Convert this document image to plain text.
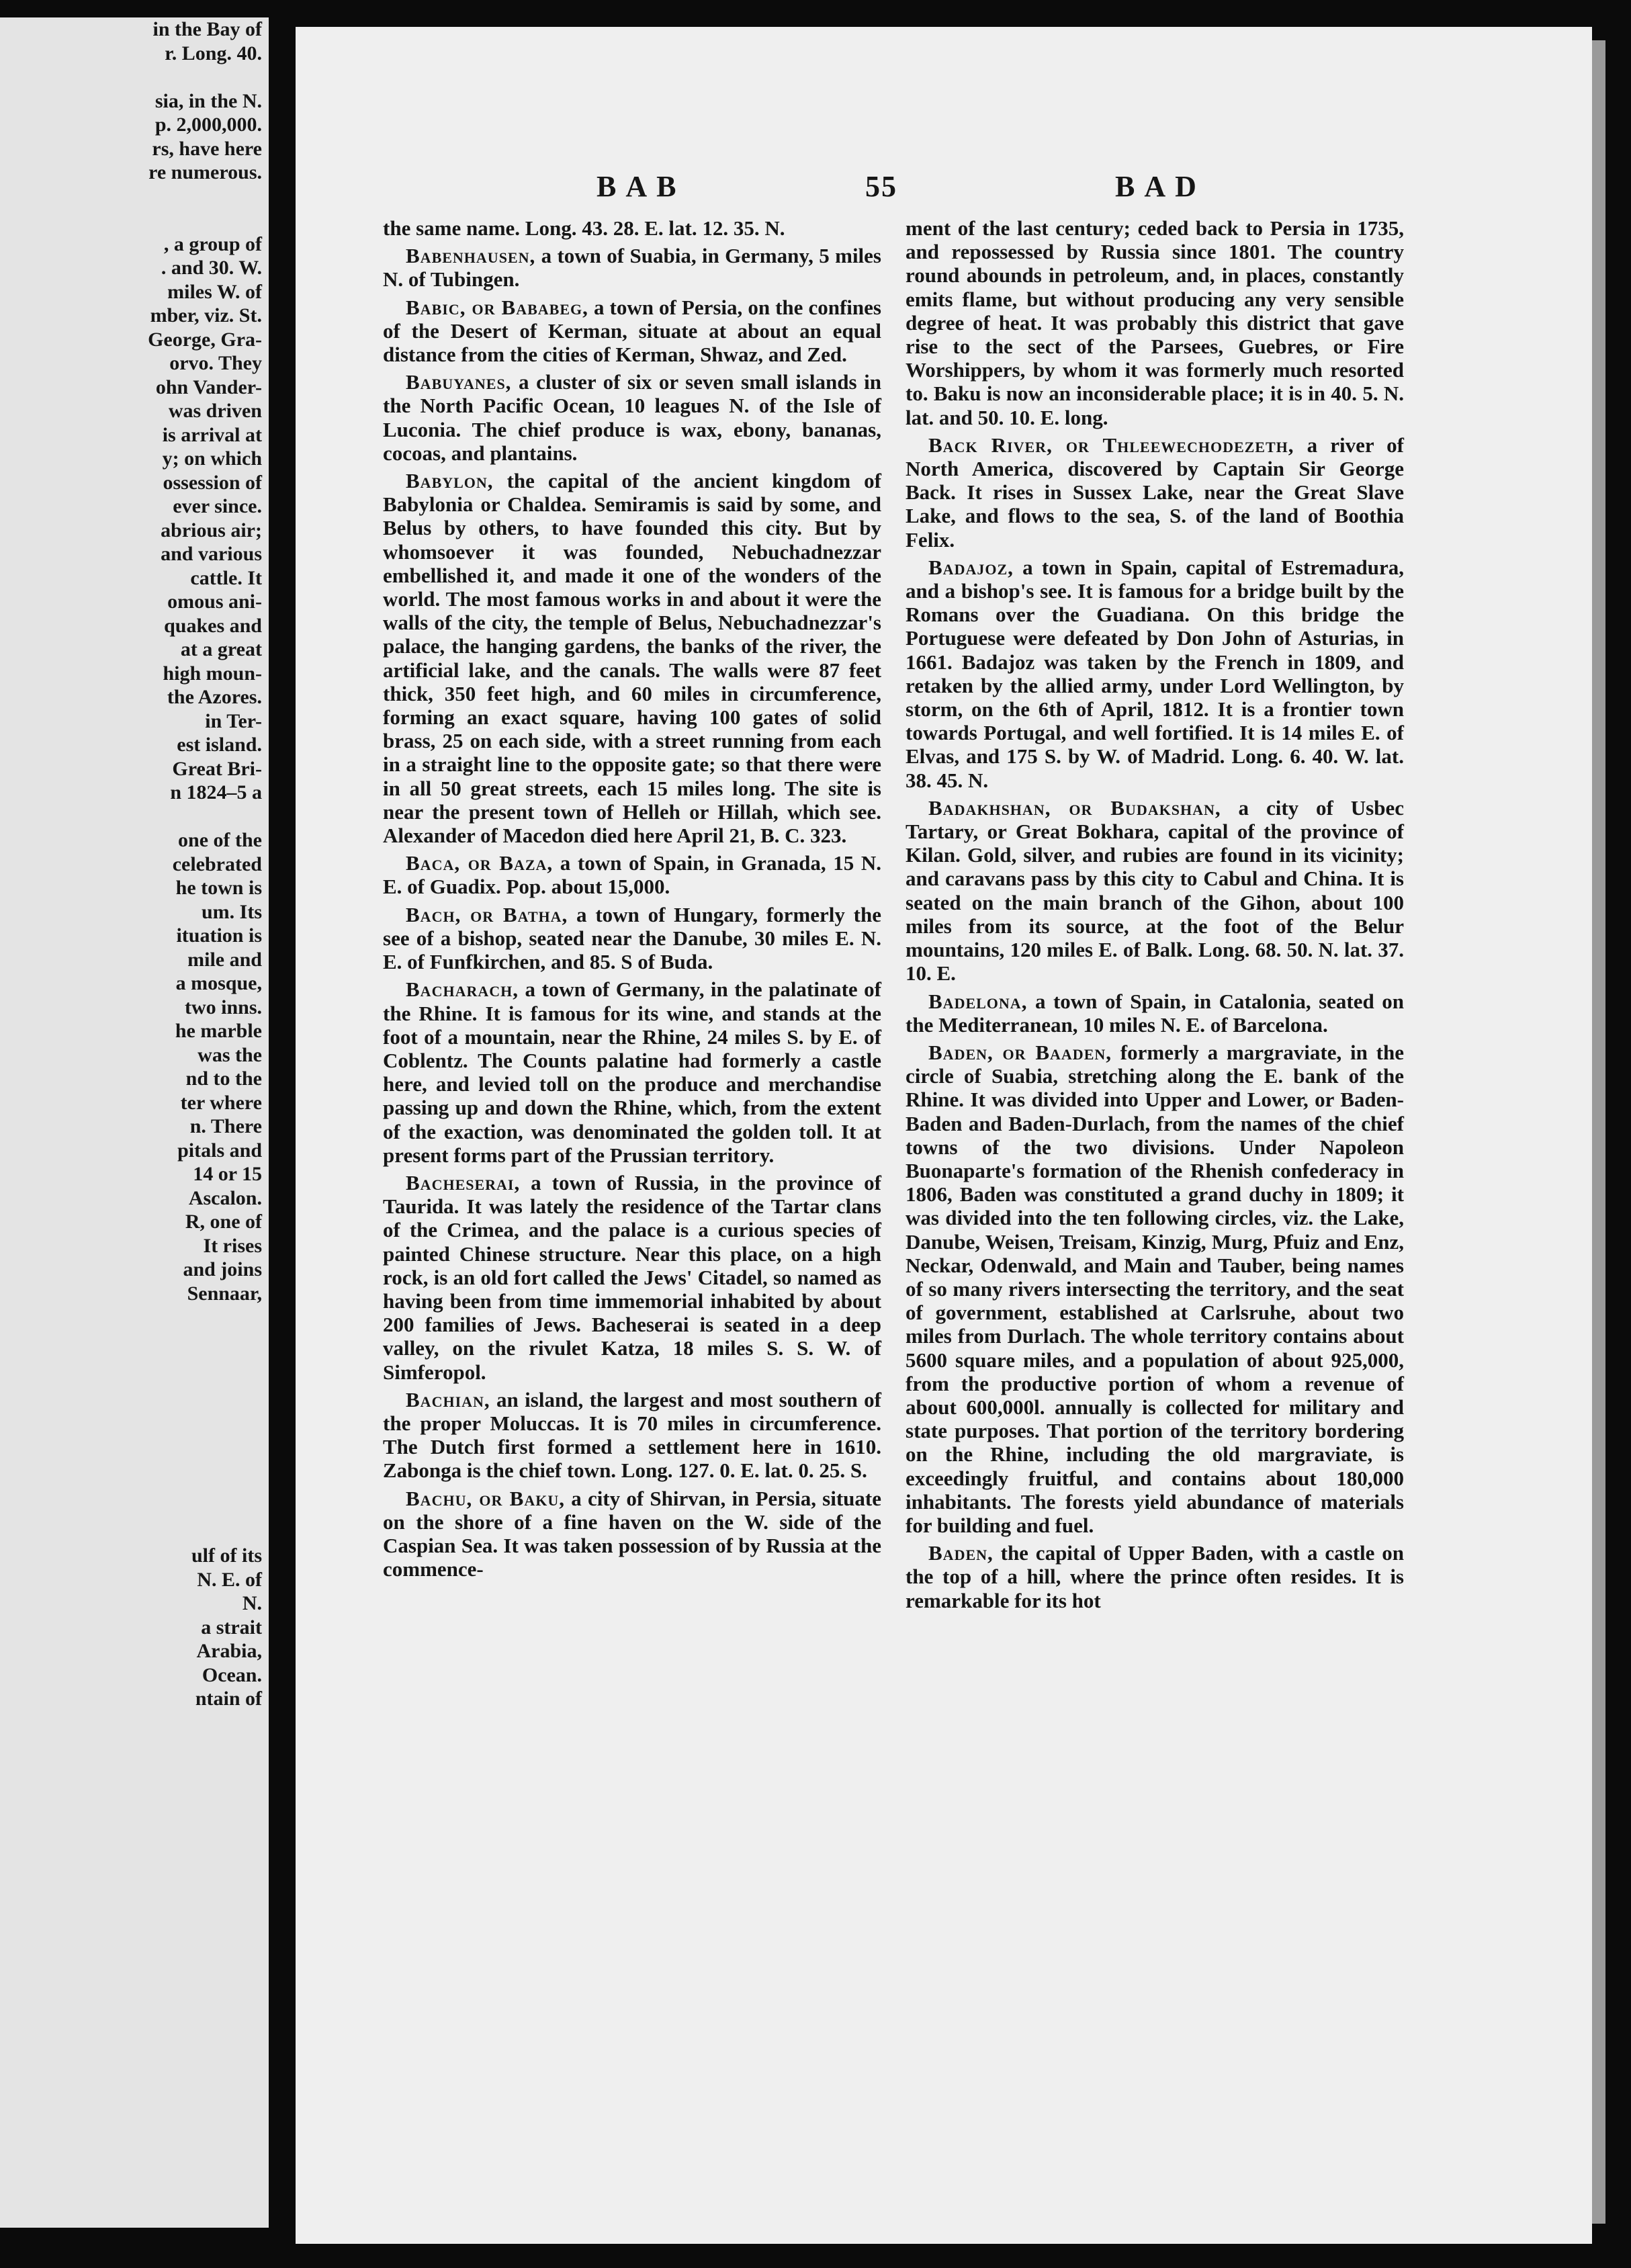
in the Bay of
r. Long. 40.
sia, in the N.
p. 2,000,000.
rs, have here
re numerous.
, a group of
. and 30. W.
miles W. of
mber, viz. St.
George, Gra-
orvo. They
ohn Vander-
was driven
is arrival at
y; on which
ossession of
ever since.
abrious air;
and various
cattle. It
omous ani-
quakes and
at a great
high moun-
the Azores.
in Ter-
est island.
Great Bri-
n 1824–5 a
one of the
celebrated
he town is
um. Its
ituation is
mile and
a mosque,
two inns.
he marble
was the
nd to the
ter where
n. There
pitals and
14 or 15
Ascalon.
R, one of
It rises
and joins
Sennaar,
ulf of its
N. E. of
N.
a strait
Arabia,
Ocean.
ntain of
BAB	55	BAD

the same name. Long. 43. 28. E. lat. 12. 35. N.

Babenhausen, a town of Suabia, in Germany, 5 miles N. of Tubingen.

Babic, or Bababeg, a town of Persia, on the confines of the Desert of Kerman, situate at about an equal distance from the cities of Kerman, Shwaz, and Zed.

Babuyanes, a cluster of six or seven small islands in the North Pacific Ocean, 10 leagues N. of the Isle of Luconia. The chief produce is wax, ebony, bananas, cocoas, and plantains.

Babylon, the capital of the ancient kingdom of Babylonia or Chaldea. Semiramis is said by some, and Belus by others, to have founded this city. But by whomsoever it was founded, Nebuchadnezzar embellished it, and made it one of the wonders of the world. The most famous works in and about it were the walls of the city, the temple of Belus, Nebuchadnezzar's palace, the hanging gardens, the banks of the river, the artificial lake, and the canals. The walls were 87 feet thick, 350 feet high, and 60 miles in circumference, forming an exact square, having 100 gates of solid brass, 25 on each side, with a street running from each in a straight line to the opposite gate; so that there were in all 50 great streets, each 15 miles long. The site is near the present town of Helleh or Hillah, which see. Alexander of Macedon died here April 21, B. C. 323.

Baca, or Baza, a town of Spain, in Granada, 15 N. E. of Guadix. Pop. about 15,000.

Bach, or Batha, a town of Hungary, formerly the see of a bishop, seated near the Danube, 30 miles E. N. E. of Funfkirchen, and 85. S of Buda.

Bacharach, a town of Germany, in the palatinate of the Rhine. It is famous for its wine, and stands at the foot of a mountain, near the Rhine, 24 miles S. by E. of Coblentz. The Counts palatine had formerly a castle here, and levied toll on the produce and merchandise passing up and down the Rhine, which, from the extent of the exaction, was denominated the golden toll. It at present forms part of the Prussian territory.

Bacheserai, a town of Russia, in the province of Taurida. It was lately the residence of the Tartar clans of the Crimea, and the palace is a curious species of painted Chinese structure. Near this place, on a high rock, is an old fort called the Jews' Citadel, so named as having been from time immemorial inhabited by about 200 families of Jews. Bacheserai is seated in a deep valley, on the rivulet Katza, 18 miles S. S. W. of Simferopol.

Bachian, an island, the largest and most southern of the proper Moluccas. It is 70 miles in circumference. The Dutch first formed a settlement here in 1610. Zabonga is the chief town. Long. 127. 0. E. lat. 0. 25. S.

Bachu, or Baku, a city of Shirvan, in Persia, situate on the shore of a fine haven on the W. side of the Caspian Sea. It was taken possession of by Russia at the commence-

ment of the last century; ceded back to Persia in 1735, and repossessed by Russia since 1801. The country round abounds in petroleum, and, in places, constantly emits flame, but without producing any very sensible degree of heat. It was probably this district that gave rise to the sect of the Parsees, Guebres, or Fire Worshippers, by whom it was formerly much resorted to. Baku is now an inconsiderable place; it is in 40. 5. N. lat. and 50. 10. E. long.

Back River, or Thleewechodezeth, a river of North America, discovered by Captain Sir George Back. It rises in Sussex Lake, near the Great Slave Lake, and flows to the sea, S. of the land of Boothia Felix.

Badajoz, a town in Spain, capital of Estremadura, and a bishop's see. It is famous for a bridge built by the Romans over the Guadiana. On this bridge the Portuguese were defeated by Don John of Asturias, in 1661. Badajoz was taken by the French in 1809, and retaken by the allied army, under Lord Wellington, by storm, on the 6th of April, 1812. It is a frontier town towards Portugal, and well fortified. It is 14 miles E. of Elvas, and 175 S. by W. of Madrid. Long. 6. 40. W. lat. 38. 45. N.

Badakhshan, or Budakshan, a city of Usbec Tartary, or Great Bokhara, capital of the province of Kilan. Gold, silver, and rubies are found in its vicinity; and caravans pass by this city to Cabul and China. It is seated on the main branch of the Gihon, about 100 miles from its source, at the foot of the Belur mountains, 120 miles E. of Balk. Long. 68. 50. N. lat. 37. 10. E.

Badelona, a town of Spain, in Catalonia, seated on the Mediterranean, 10 miles N. E. of Barcelona.

Baden, or Baaden, formerly a margraviate, in the circle of Suabia, stretching along the E. bank of the Rhine. It was divided into Upper and Lower, or Baden-Baden and Baden-Durlach, from the names of the chief towns of the two divisions. Under Napoleon Buonaparte's formation of the Rhenish confederacy in 1806, Baden was constituted a grand duchy in 1809; it was divided into the ten following circles, viz. the Lake, Danube, Weisen, Treisam, Kinzig, Murg, Pfuiz and Enz, Neckar, Odenwald, and Main and Tauber, being names of so many rivers intersecting the territory, and the seat of government, established at Carlsruhe, about two miles from Durlach. The whole territory contains about 5600 square miles, and a population of about 925,000, from the productive portion of whom a revenue of about 600,000l. annually is collected for military and state purposes. That portion of the territory bordering on the Rhine, including the old margraviate, is exceedingly fruitful, and contains about 180,000 inhabitants. The forests yield abundance of materials for building and fuel.

Baden, the capital of Upper Baden, with a castle on the top of a hill, where the prince often resides. It is remarkable for its hot
